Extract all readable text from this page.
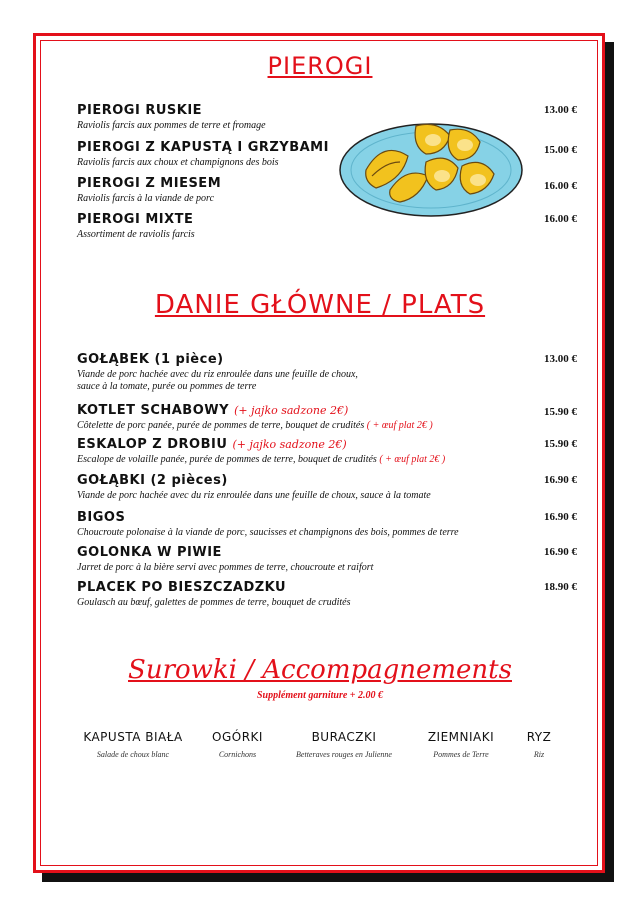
PIEROGI
PIEROGI RUSKIE
Raviolis farcis aux pommes de terre et fromage
13.00 €
PIEROGI Z KAPUSTĄ I GRZYBAMI
Raviolis farcis aux choux et champignons des bois
15.00 €
PIEROGI Z MIESEM
Raviolis farcis à la viande de porc
16.00 €
PIEROGI MIXTE
Assortiment de raviolis farcis
16.00 €
DANIE GŁÓWNE / PLATS
GOŁĄBEK (1 pièce)
Viande de porc hachée avec du riz enroulée dans une feuille de choux,
sauce à la tomate, purée ou pommes de terre
13.00 €
KOTLET SCHABOWY (+ jajko sadzone 2€)
Côtelette de porc panée, purée de pommes de terre, bouquet de crudités ( + œuf plat 2€ )
15.90 €
ESKALOP Z DROBIU (+ jajko sadzone 2€)
Escalope de volaille panée, purée de pommes de terre, bouquet de crudités ( + œuf plat 2€ )
15.90 €
GOŁĄBKI (2 pièces)
Viande de porc hachée avec du riz enroulée dans une feuille de choux, sauce à la tomate
16.90 €
BIGOS
Choucroute polonaise à la viande de porc, saucisses et champignons des bois, pommes de terre
16.90 €
GOLONKA W PIWIE
Jarret de porc à la bière servi avec pommes de terre, choucroute et raifort
16.90 €
PLACEK PO BIESZCZADZKU
Goulasch au bœuf, galettes de pommes de terre, bouquet de crudités
18.90 €
Surowki / Accompagnements
Supplément garniture + 2.00 €
KAPUSTA BIAŁA
Salade de choux blanc
OGÓRKI
Cornichons
BURACZKI
Betteraves rouges en Julienne
ZIEMNIAKI
Pommes de Terre
RYZ
Riz
